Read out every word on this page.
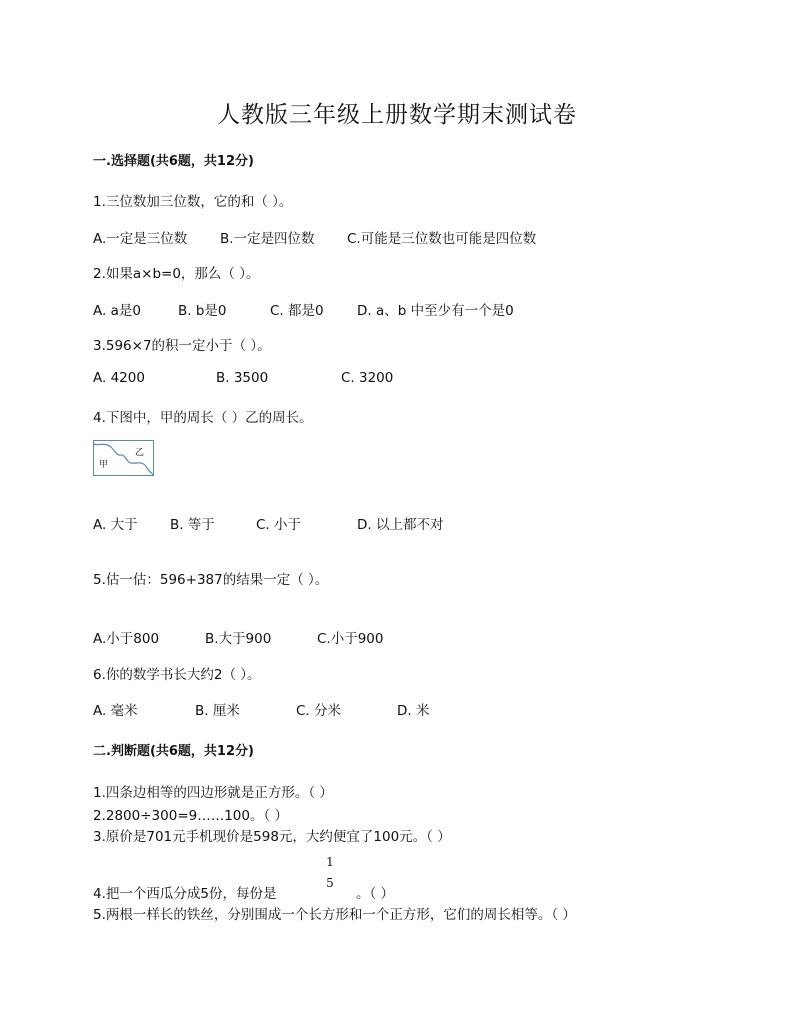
人教版三年级上册数学期末测试卷
一.选择题(共6题，共12分)
1.三位数加三位数，它的和（ ）。
A.一定是三位数 B.一定是四位数 C.可能是三位数也可能是四位数
2.如果a×b=0，那么（ ）。
A. a是0	B. b是0	C. 都是0 D. a、b 中至少有一个是0
3.596×7的积一定小于（ ）。
A. 4200	B. 3500	C. 3200
4.下图中，甲的周长（ ）乙的周长。
甲
乙
A. 大于 B. 等于	C. 小于	D. 以上都不对
5.估一估：596+387的结果一定（ ）。
A.小于800	B.大于900	C.小于900
6.你的数学书长大约2（ ）。
A. 毫米	B. 厘米	C. 分米	D. 米
二.判断题(共6题，共12分)
1.四条边相等的四边形就是正方形。（ ）
2.2800÷300=9……100。（ ）
3.原价是701元手机现价是598元，大约便宜了100元。（ ）
1
5
4.把一个西瓜分成5份，每份是	。（ ）
5.两根一样长的铁丝，分别围成一个长方形和一个正方形，它们的周长相等。（ ）
